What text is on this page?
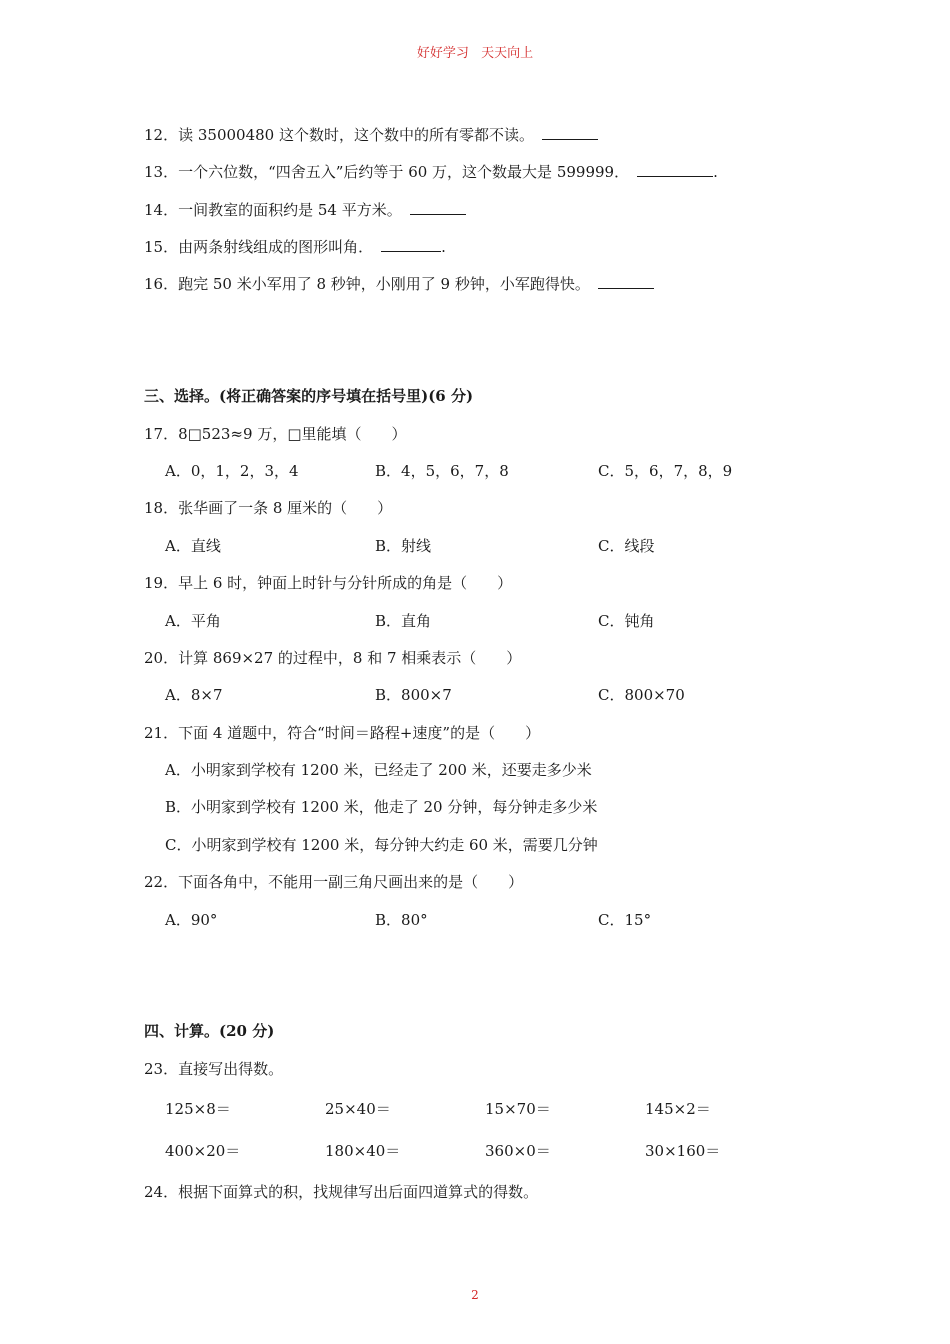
好好学习 天天向上
12．读 35000480 这个数时，这个数中的所有零都不读。
13．一个六位数，“四舍五入”后约等于 60 万，这个数最大是 599999．	.
14．一间教室的面积约是 54 平方米。
15．由两条射线组成的图形叫角．	.
16．跑完 50 米小军用了 8 秒钟，小刚用了 9 秒钟，小军跑得快。
三、选择。(将正确答案的序号填在括号里)(6 分)
17．8□523≈9 万，□里能填（　　）
A．0，1，2，3，4	B．4，5，6，7，8	C．5，6，7，8，9
18．张华画了一条 8 厘米的（　　）
A．直线	B．射线	C．线段
19．早上 6 时，钟面上时针与分针所成的角是（　　）
A．平角	B．直角	C．钝角
20．计算 869×27 的过程中，8 和 7 相乘表示（　　）
A．8×7	B．800×7	C．800×70
21．下面 4 道题中，符合“时间＝路程+速度”的是（　　）
A．小明家到学校有 1200 米，已经走了 200 米，还要走多少米
B．小明家到学校有 1200 米，他走了 20 分钟，每分钟走多少米
C．小明家到学校有 1200 米，每分钟大约走 60 米，需要几分钟
22．下面各角中，不能用一副三角尺画出来的是（　　）
A．90°	B．80°	C．15°
四、计算。(20 分)
23．直接写出得数。
125×8＝	25×40＝	15×70＝	145×2＝
400×20＝	180×40＝	360×0＝	30×160＝
24．根据下面算式的积，找规律写出后面四道算式的得数。
2
